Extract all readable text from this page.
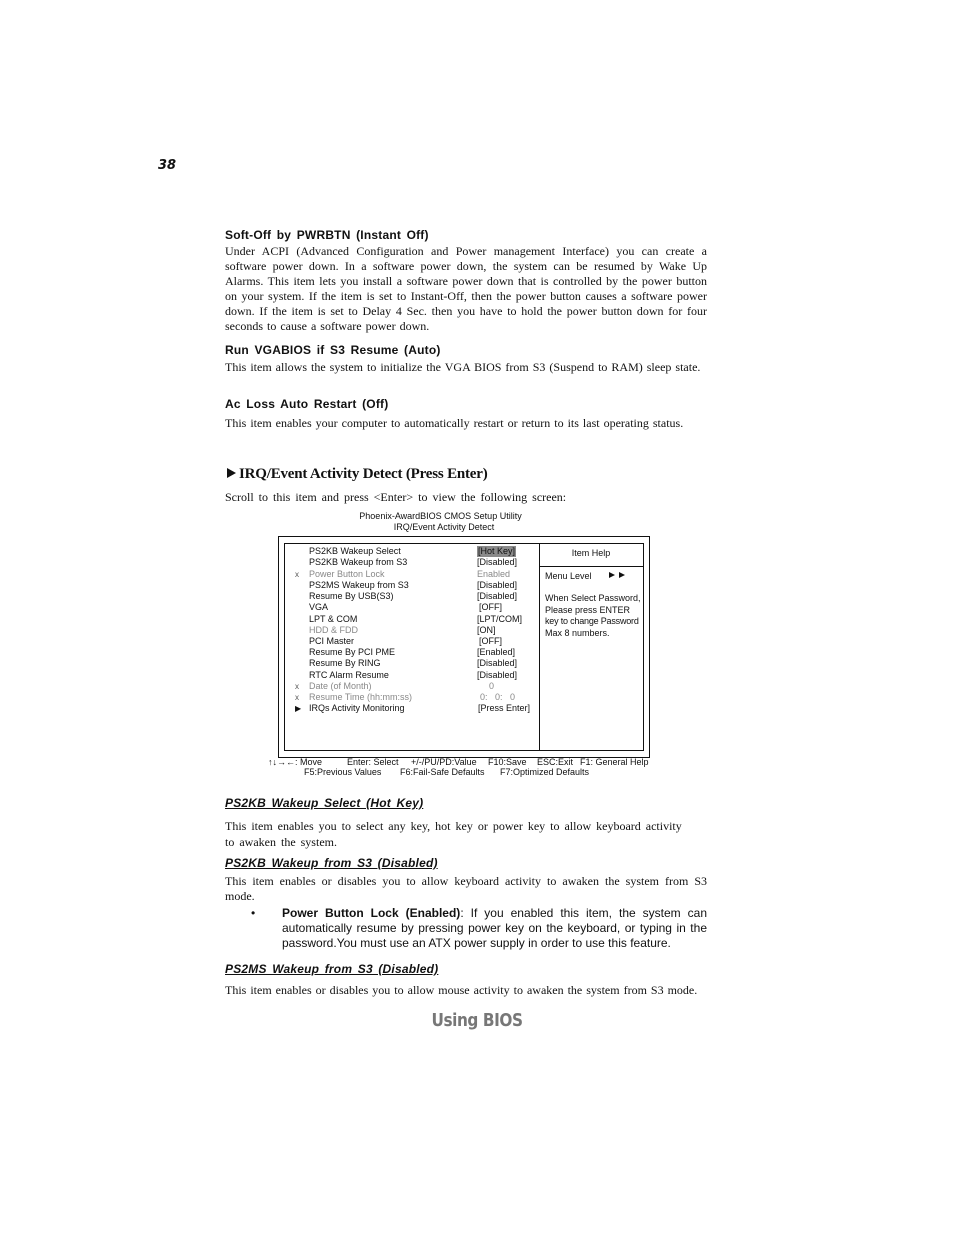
38
Soft-Off by PWRBTN (Instant Off)
Under ACPI (Advanced Configuration and Power management Interface) you can create a software power down. In a software power down, the system can be resumed by Wake Up Alarms. This item lets you install a software power down that is controlled by the power button on your system. If the item is set to Instant-Off, then the power button causes a software power down. If the item is set to Delay 4 Sec. then you have to hold the power button down for four seconds to cause a software power down.
Run VGABIOS if S3 Resume (Auto)
This item allows the system to initialize the VGA BIOS from S3 (Suspend to RAM) sleep state.
Ac Loss Auto Restart (Off)
This item enables your computer to automatically restart or return to its last operating status.
IRQ/Event Activity Detect (Press Enter)
Scroll to this item and press <Enter> to view the following screen:
Phoenix-AwardBIOS CMOS Setup Utility
IRQ/Event Activity Detect
PS2KB Wakeup Select	[Hot Key]
PS2KB Wakeup from S3	[Disabled]
x Power Button Lock	Enabled
PS2MS Wakeup from S3	[Disabled]
Resume By USB(S3)	[Disabled]
VGA	[OFF]
LPT & COM	[LPT/COM]
HDD & FDD	[ON]
PCI Master	[OFF]
Resume By PCI PME	[Enabled]
Resume By RING	[Disabled]
RTC Alarm Resume	[Disabled]
x Date (of Month)	0
x Resume Time (hh:mm:ss)	0:   0:   0
▶ IRQs Activity Monitoring	[Press Enter]
Item Help
Menu Level
When Select Password,
Please press ENTER
key to change Password
Max 8 numbers.
↑↓→←: Move	Enter: Select +/-/PU/PD:Value F10:Save ESC:Exit F1: General Help
F5:Previous Values F6:Fail-Safe Defaults F7:Optimized Defaults
PS2KB Wakeup Select (Hot Key)
This item enables you to select any key, hot key or power key to allow keyboard activity to awaken the system.
PS2KB Wakeup from S3 (Disabled)
This item enables or disables you to allow keyboard activity to awaken the system from S3 mode.
• Power Button Lock (Enabled): If you enabled this item, the system can automatically resume by pressing power key on the keyboard, or typing in the password.You must use an ATX power supply in order to use this feature.
PS2MS Wakeup from S3 (Disabled)
This item enables or disables you to allow mouse activity to awaken the system from S3 mode.
Using BIOS
